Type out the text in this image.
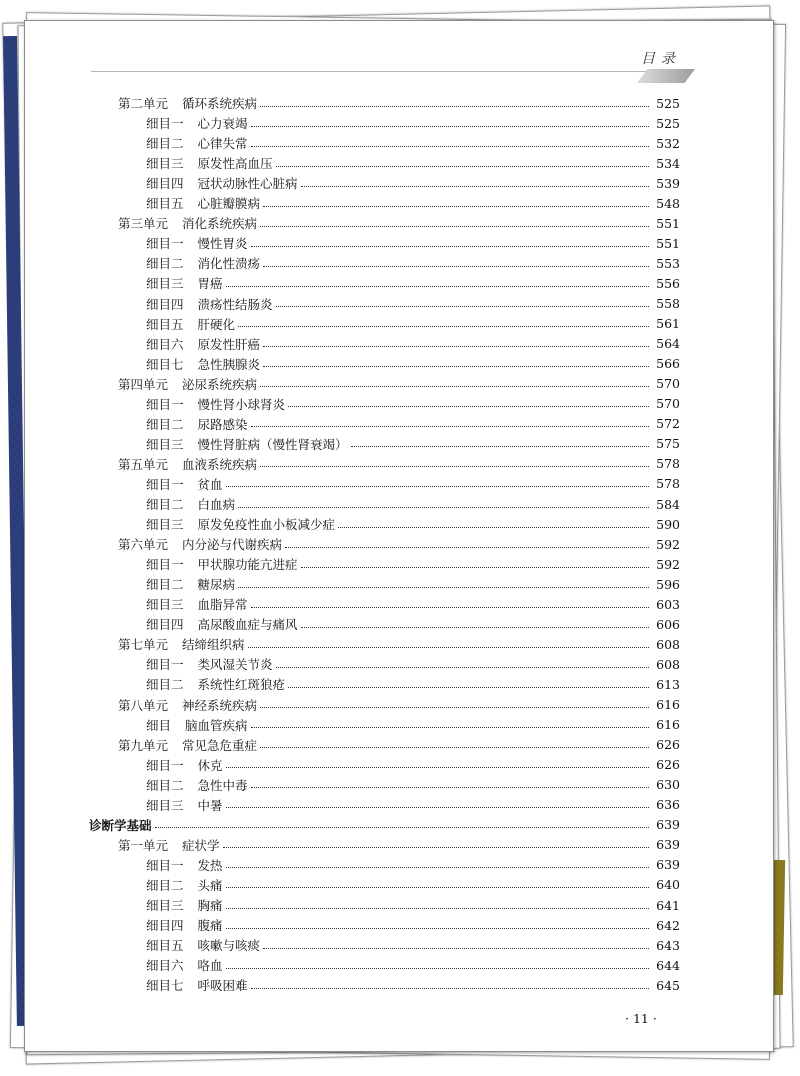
目录
第二单元 循环系统疾病	525
细目一 心力衰竭	525
细目二 心律失常	532
细目三 原发性高血压	534
细目四 冠状动脉性心脏病	539
细目五 心脏瓣膜病	548
第三单元 消化系统疾病	551
细目一 慢性胃炎	551
细目二 消化性溃疡	553
细目三 胃癌	556
细目四 溃疡性结肠炎	558
细目五 肝硬化	561
细目六 原发性肝癌	564
细目七 急性胰腺炎	566
第四单元 泌尿系统疾病	570
细目一 慢性肾小球肾炎	570
细目二 尿路感染	572
细目三 慢性肾脏病（慢性肾衰竭）	575
第五单元 血液系统疾病	578
细目一 贫血	578
细目二 白血病	584
细目三 原发免疫性血小板减少症	590
第六单元 内分泌与代谢疾病	592
细目一 甲状腺功能亢进症	592
细目二 糖尿病	596
细目三 血脂异常	603
细目四 高尿酸血症与痛风	606
第七单元 结缔组织病	608
细目一 类风湿关节炎	608
细目二 系统性红斑狼疮	613
第八单元 神经系统疾病	616
细目 脑血管疾病	616
第九单元 常见急危重症	626
细目一 休克	626
细目二 急性中毒	630
细目三 中暑	636
诊断学基础	639
第一单元 症状学	639
细目一 发热	639
细目二 头痛	640
细目三 胸痛	641
细目四 腹痛	642
细目五 咳嗽与咳痰	643
细目六 咯血	644
细目七 呼吸困难	645
· 11 ·
